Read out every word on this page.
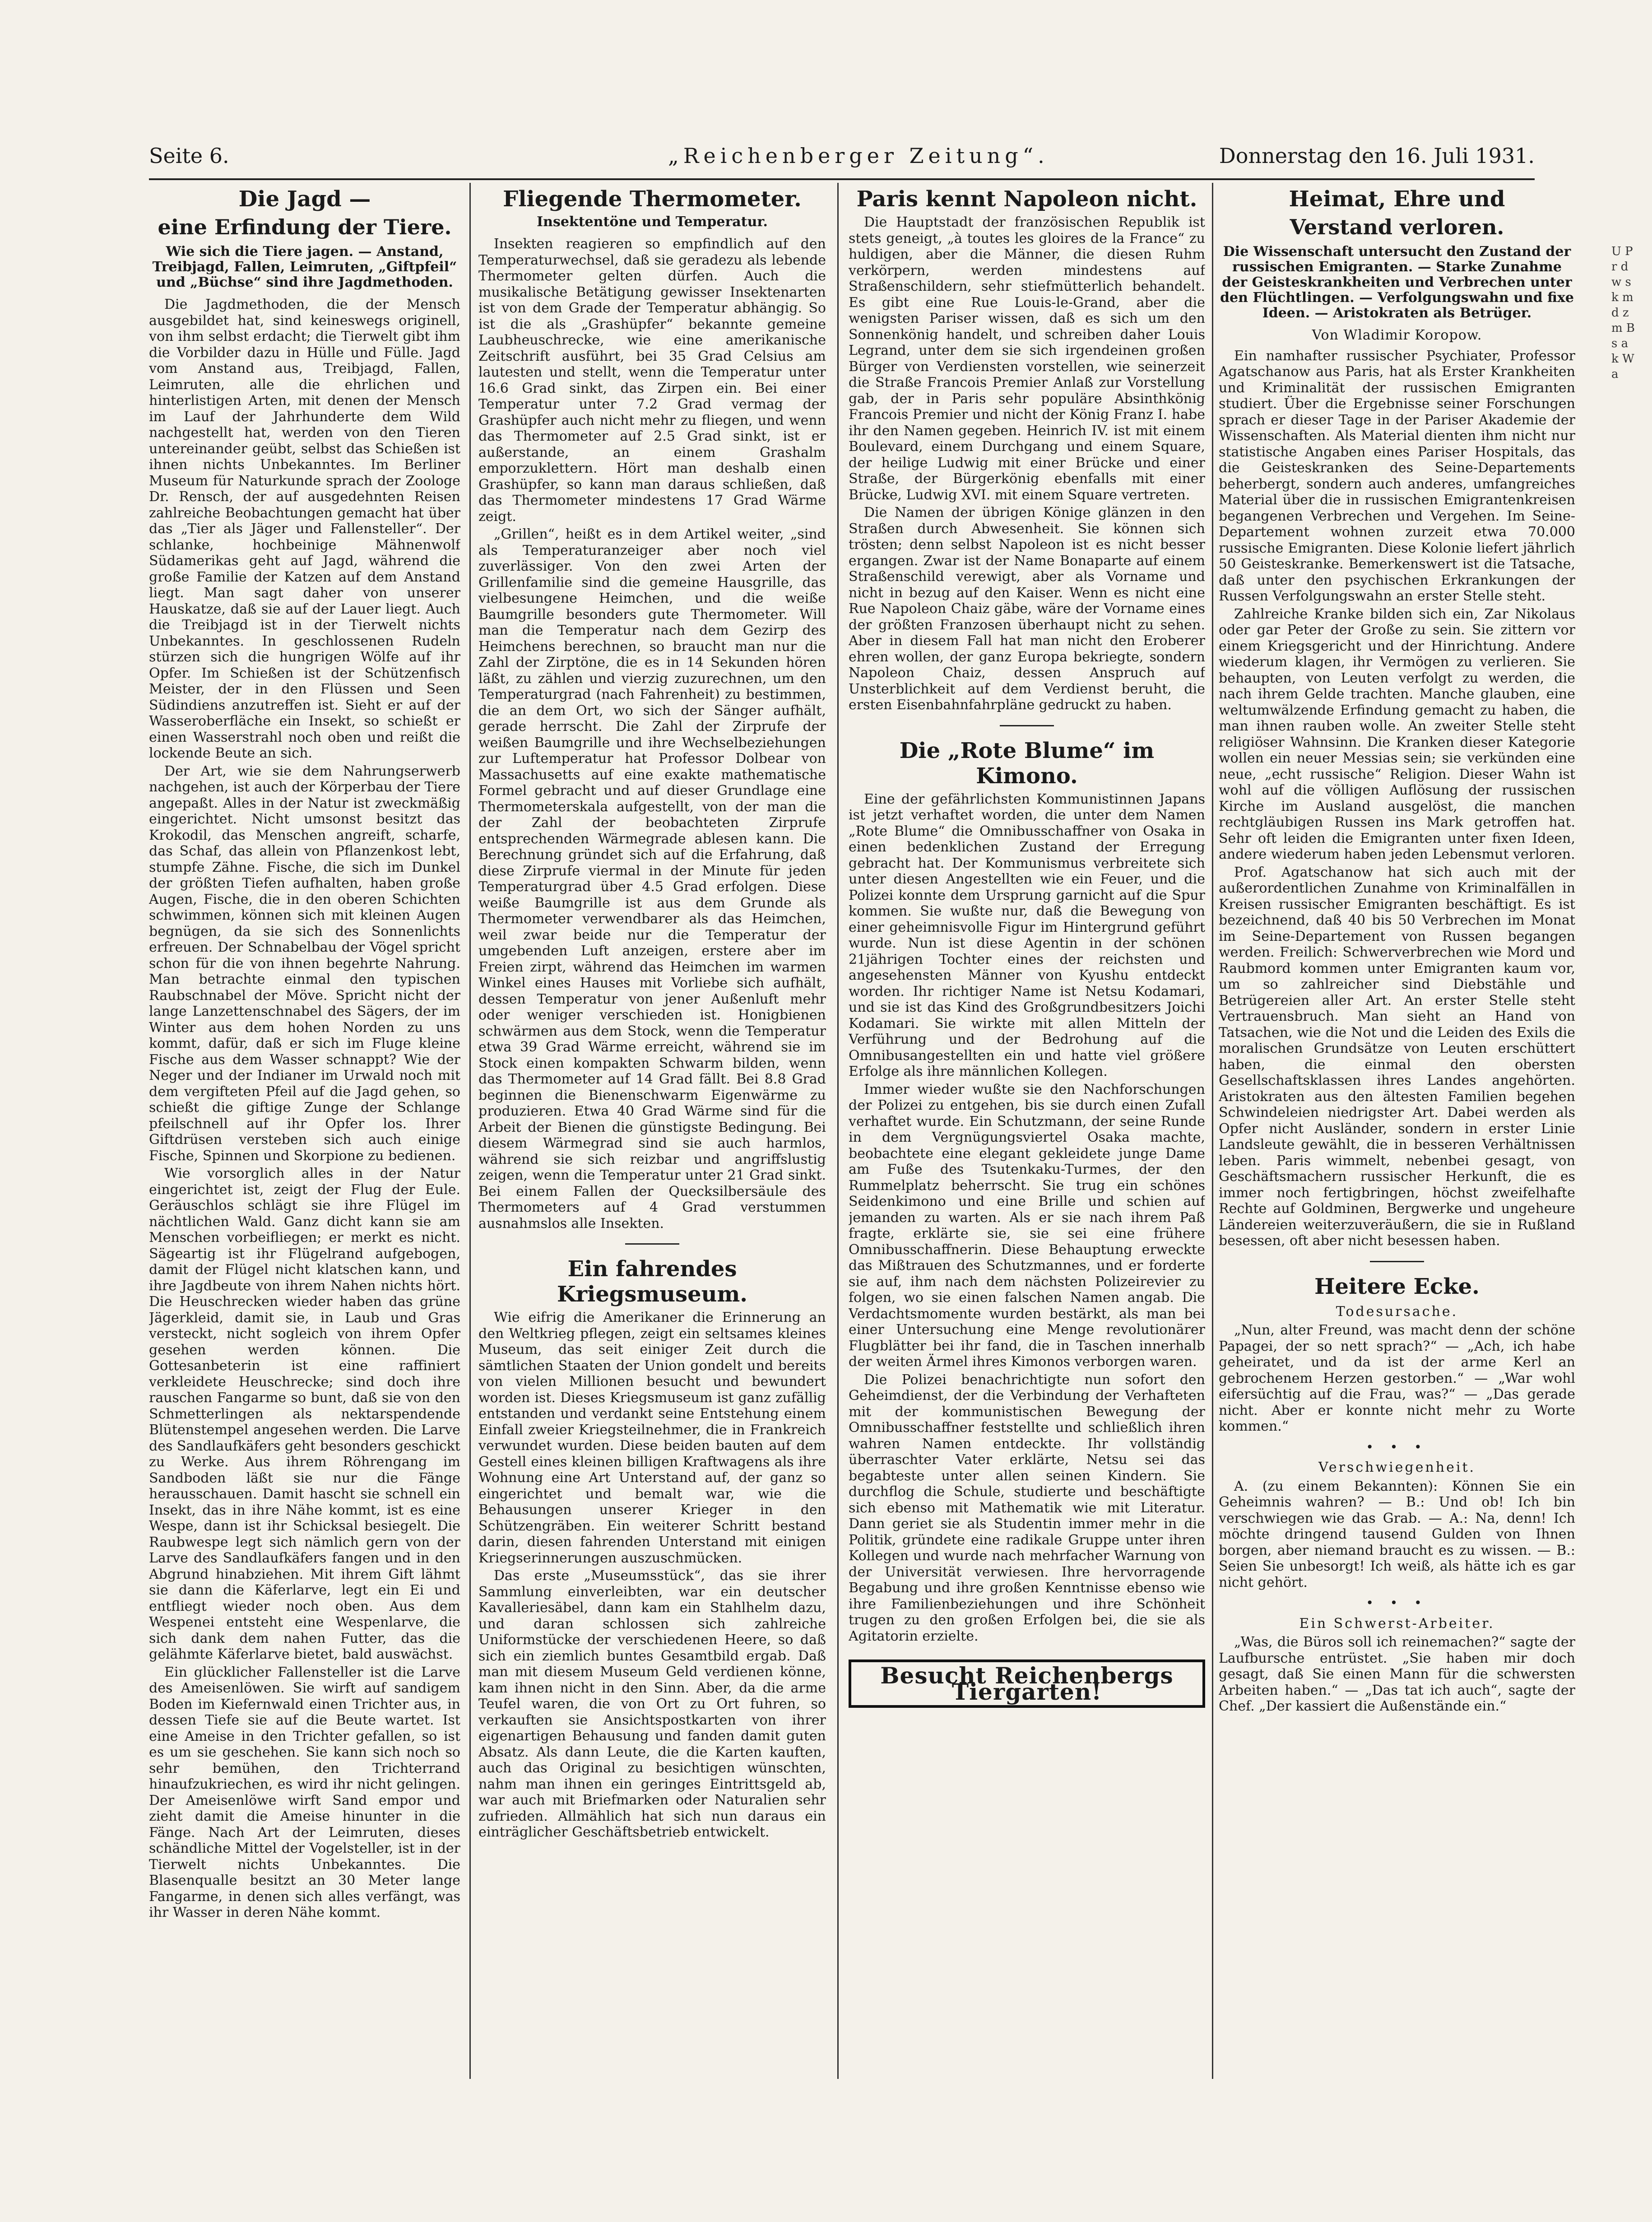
Seite 6.	„Reichenberger Zeitung“.	Donnerstag den 16. Juli 1931.
Die Jagd —
eine Erfindung der Tiere.
Wie sich die Tiere jagen. — Anstand, Treibjagd, Fallen, Leimruten, „Giftpfeil“ und „Büchse“ sind ihre Jagdmethoden.

Die Jagdmethoden, die der Mensch ausgebildet hat, sind keineswegs originell, von ihm selbst erdacht; die Tierwelt gibt ihm die Vorbilder dazu in Hülle und Fülle. Jagd vom Anstand aus, Treibjagd, Fallen, Leimruten, alle die ehrlichen und hinterlistigen Arten, mit denen der Mensch im Lauf der Jahrhunderte dem Wild nachgestellt hat, werden von den Tieren untereinander geübt, selbst das Schießen ist ihnen nichts Unbekanntes. Im Berliner Museum für Naturkunde sprach der Zoologe Dr. Rensch, der auf ausgedehnten Reisen zahlreiche Beobachtungen gemacht hat über das „Tier als Jäger und Fallensteller“. Der schlanke, hochbeinige Mähnenwolf Südamerikas geht auf Jagd, während die große Familie der Katzen auf dem Anstand liegt. Man sagt daher von unserer Hauskatze, daß sie auf der Lauer liegt. Auch die Treibjagd ist in der Tierwelt nichts Unbekanntes. In geschlossenen Rudeln stürzen sich die hungrigen Wölfe auf ihr Opfer. Im Schießen ist der Schützenfisch Meister, der in den Flüssen und Seen Südindiens anzutreffen ist. Sieht er auf der Wasseroberfläche ein Insekt, so schießt er einen Wasserstrahl noch oben und reißt die lockende Beute an sich.

Der Art, wie sie dem Nahrungserwerb nachgehen, ist auch der Körperbau der Tiere angepaßt. Alles in der Natur ist zweckmäßig eingerichtet. Nicht umsonst besitzt das Krokodil, das Menschen angreift, scharfe, das Schaf, das allein von Pflanzenkost lebt, stumpfe Zähne. Fische, die sich im Dunkel der größten Tiefen aufhalten, haben große Augen, Fische, die in den oberen Schichten schwimmen, können sich mit kleinen Augen begnügen, da sie sich des Sonnenlichts erfreuen. Der Schnabelbau der Vögel spricht schon für die von ihnen begehrte Nahrung. Man betrachte einmal den typischen Raubschnabel der Möve. Spricht nicht der lange Lanzettenschnabel des Sägers, der im Winter aus dem hohen Norden zu uns kommt, dafür, daß er sich im Fluge kleine Fische aus dem Wasser schnappt? Wie der Neger und der Indianer im Urwald noch mit dem vergifteten Pfeil auf die Jagd gehen, so schießt die giftige Zunge der Schlange pfeilschnell auf ihr Opfer los. Ihrer Giftdrüsen versteben sich auch einige Fische, Spinnen und Skorpione zu bedienen.

Wie vorsorglich alles in der Natur eingerichtet ist, zeigt der Flug der Eule. Geräuschlos schlägt sie ihre Flügel im nächtlichen Wald. Ganz dicht kann sie am Menschen vorbeifliegen; er merkt es nicht. Sägeartig ist ihr Flügelrand aufgebogen, damit der Flügel nicht klatschen kann, und ihre Jagdbeute von ihrem Nahen nichts hört. Die Heuschrecken wieder haben das grüne Jägerkleid, damit sie, in Laub und Gras versteckt, nicht sogleich von ihrem Opfer gesehen werden können. Die Gottesanbeterin ist eine raffiniert verkleidete Heuschrecke; sind doch ihre rauschen Fangarme so bunt, daß sie von den Schmetterlingen als nektarspendende Blütenstempel angesehen werden. Die Larve des Sandlaufkäfers geht besonders geschickt zu Werke. Aus ihrem Röhrengang im Sandboden läßt sie nur die Fänge herausschauen. Damit hascht sie schnell ein Insekt, das in ihre Nähe kommt, ist es eine Wespe, dann ist ihr Schicksal besiegelt. Die Raubwespe legt sich nämlich gern von der Larve des Sandlaufkäfers fangen und in den Abgrund hinabziehen. Mit ihrem Gift lähmt sie dann die Käferlarve, legt ein Ei und entfliegt wieder noch oben. Aus dem Wespenei entsteht eine Wespenlarve, die sich dank dem nahen Futter, das die gelähmte Käferlarve bietet, bald auswächst.

Ein glücklicher Fallensteller ist die Larve des Ameisenlöwen. Sie wirft auf sandigem Boden im Kiefernwald einen Trichter aus, in dessen Tiefe sie auf die Beute wartet. Ist eine Ameise in den Trichter gefallen, so ist es um sie geschehen. Sie kann sich noch so sehr bemühen, den Trichterrand hinaufzukriechen, es wird ihr nicht gelingen. Der Ameisenlöwe wirft Sand empor und zieht damit die Ameise hinunter in die Fänge. Nach Art der Leimruten, dieses schändliche Mittel der Vogelsteller, ist in der Tierwelt nichts Unbekanntes. Die Blasenqualle besitzt an 30 Meter lange Fangarme, in denen sich alles verfängt, was ihr Wasser in deren Nähe kommt.

Fliegende Thermometer.
Insektentöne und Temperatur.

Insekten reagieren so empfindlich auf den Temperaturwechsel, daß sie geradezu als lebende Thermometer gelten dürfen. Auch die musikalische Betätigung gewisser Insektenarten ist von dem Grade der Temperatur abhängig. So ist die als „Grashüpfer“ bekannte gemeine Laubheuschrecke, wie eine amerikanische Zeitschrift ausführt, bei 35 Grad Celsius am lautesten und stellt, wenn die Temperatur unter 16.6 Grad sinkt, das Zirpen ein. Bei einer Temperatur unter 7.2 Grad vermag der Grashüpfer auch nicht mehr zu fliegen, und wenn das Thermometer auf 2.5 Grad sinkt, ist er außerstande, an einem Grashalm emporzuklettern. Hört man deshalb einen Grashüpfer, so kann man daraus schließen, daß das Thermometer mindestens 17 Grad Wärme zeigt.

„Grillen“, heißt es in dem Artikel weiter, „sind als Temperaturanzeiger aber noch viel zuverlässiger. Von den zwei Arten der Grillenfamilie sind die gemeine Hausgrille, das vielbesungene Heimchen, und die weiße Baumgrille besonders gute Thermometer. Will man die Temperatur nach dem Gezirp des Heimchens berechnen, so braucht man nur die Zahl der Zirptöne, die es in 14 Sekunden hören läßt, zu zählen und vierzig zuzurechnen, um den Temperaturgrad (nach Fahrenheit) zu bestimmen, die an dem Ort, wo sich der Sänger aufhält, gerade herrscht. Die Zahl der Zirprufe der weißen Baumgrille und ihre Wechselbeziehungen zur Luftemperatur hat Professor Dolbear von Massachusetts auf eine exakte mathematische Formel gebracht und auf dieser Grundlage eine Thermometerskala aufgestellt, von der man die der Zahl der beobachteten Zirprufe entsprechenden Wärmegrade ablesen kann. Die Berechnung gründet sich auf die Erfahrung, daß diese Zirprufe viermal in der Minute für jeden Temperaturgrad über 4.5 Grad erfolgen. Diese weiße Baumgrille ist aus dem Grunde als Thermometer verwendbarer als das Heimchen, weil zwar beide nur die Temperatur der umgebenden Luft anzeigen, erstere aber im Freien zirpt, während das Heimchen im warmen Winkel eines Hauses mit Vorliebe sich aufhält, dessen Temperatur von jener Außenluft mehr oder weniger verschieden ist. Honigbienen schwärmen aus dem Stock, wenn die Temperatur etwa 39 Grad Wärme erreicht, während sie im Stock einen kompakten Schwarm bilden, wenn das Thermometer auf 14 Grad fällt. Bei 8.8 Grad beginnen die Bienenschwarm Eigenwärme zu produzieren. Etwa 40 Grad Wärme sind für die Arbeit der Bienen die günstigste Bedingung. Bei diesem Wärmegrad sind sie auch harmlos, während sie sich reizbar und angriffslustig zeigen, wenn die Temperatur unter 21 Grad sinkt. Bei einem Fallen der Quecksilbersäule des Thermometers auf 4 Grad verstummen ausnahmslos alle Insekten.

Ein fahrendes Kriegsmuseum.

Wie eifrig die Amerikaner die Erinnerung an den Weltkrieg pflegen, zeigt ein seltsames kleines Museum, das seit einiger Zeit durch die sämtlichen Staaten der Union gondelt und bereits von vielen Millionen besucht und bewundert worden ist. Dieses Kriegsmuseum ist ganz zufällig entstanden und verdankt seine Entstehung einem Einfall zweier Kriegsteilnehmer, die in Frankreich verwundet wurden. Diese beiden bauten auf dem Gestell eines kleinen billigen Kraftwagens als ihre Wohnung eine Art Unterstand auf, der ganz so eingerichtet und bemalt war, wie die Behausungen unserer Krieger in den Schützengräben. Ein weiterer Schritt bestand darin, diesen fahrenden Unterstand mit einigen Kriegserinnerungen auszuschmücken.

Das erste „Museumsstück“, das sie ihrer Sammlung einverleibten, war ein deutscher Kavalleriesäbel, dann kam ein Stahlhelm dazu, und daran schlossen sich zahlreiche Uniformstücke der verschiedenen Heere, so daß sich ein ziemlich buntes Gesamtbild ergab. Daß man mit diesem Museum Geld verdienen könne, kam ihnen nicht in den Sinn. Aber, da die arme Teufel waren, die von Ort zu Ort fuhren, so verkauften sie Ansichtspostkarten von ihrer eigenartigen Behausung und fanden damit guten Absatz. Als dann Leute, die die Karten kauften, auch das Original zu besichtigen wünschten, nahm man ihnen ein geringes Eintrittsgeld ab, war auch mit Briefmarken oder Naturalien sehr zufrieden. Allmählich hat sich nun daraus ein einträglicher Geschäftsbetrieb entwickelt.

Paris kennt Napoleon nicht.

Die Hauptstadt der französischen Republik ist stets geneigt, „à toutes les gloires de la France“ zu huldigen, aber die Männer, die diesen Ruhm verkörpern, werden mindestens auf Straßenschildern, sehr stiefmütterlich behandelt. Es gibt eine Rue Louis-le-Grand, aber die wenigsten Pariser wissen, daß es sich um den Sonnenkönig handelt, und schreiben daher Louis Legrand, unter dem sie sich irgendeinen großen Bürger von Verdiensten vorstellen, wie seinerzeit die Straße Francois Premier Anlaß zur Vorstellung gab, der in Paris sehr populäre Absinthkönig Francois Premier und nicht der König Franz I. habe ihr den Namen gegeben. Heinrich IV. ist mit einem Boulevard, einem Durchgang und einem Square, der heilige Ludwig mit einer Brücke und einer Straße, der Bürgerkönig ebenfalls mit einer Brücke, Ludwig XVI. mit einem Square vertreten.

Die Namen der übrigen Könige glänzen in den Straßen durch Abwesenheit. Sie können sich trösten; denn selbst Napoleon ist es nicht besser ergangen. Zwar ist der Name Bonaparte auf einem Straßenschild verewigt, aber als Vorname und nicht in bezug auf den Kaiser. Wenn es nicht eine Rue Napoleon Chaiz gäbe, wäre der Vorname eines der größten Franzosen überhaupt nicht zu sehen. Aber in diesem Fall hat man nicht den Eroberer ehren wollen, der ganz Europa bekriegte, sondern Napoleon Chaiz, dessen Anspruch auf Unsterblichkeit auf dem Verdienst beruht, die ersten Eisenbahnfahrpläne gedruckt zu haben.

Die „Rote Blume“ im Kimono.

Eine der gefährlichsten Kommunistinnen Japans ist jetzt verhaftet worden, die unter dem Namen „Rote Blume“ die Omnibusschaffner von Osaka in einen bedenklichen Zustand der Erregung gebracht hat. Der Kommunismus verbreitete sich unter diesen Angestellten wie ein Feuer, und die Polizei konnte dem Ursprung garnicht auf die Spur kommen. Sie wußte nur, daß die Bewegung von einer geheimnisvolle Figur im Hintergrund geführt wurde. Nun ist diese Agentin in der schönen 21jährigen Tochter eines der reichsten und angesehensten Männer von Kyushu entdeckt worden. Ihr richtiger Name ist Netsu Kodamari, und sie ist das Kind des Großgrundbesitzers Joichi Kodamari. Sie wirkte mit allen Mitteln der Verführung und der Bedrohung auf die Omnibusangestellten ein und hatte viel größere Erfolge als ihre männlichen Kollegen.

Immer wieder wußte sie den Nachforschungen der Polizei zu entgehen, bis sie durch einen Zufall verhaftet wurde. Ein Schutzmann, der seine Runde in dem Vergnügungsviertel Osaka machte, beobachtete eine elegant gekleidete junge Dame am Fuße des Tsutenkaku-Turmes, der den Rummelplatz beherrscht. Sie trug ein schönes Seidenkimono und eine Brille und schien auf jemanden zu warten. Als er sie nach ihrem Paß fragte, erklärte sie, sie sei eine frühere Omnibusschaffnerin. Diese Behauptung erweckte das Mißtrauen des Schutzmannes, und er forderte sie auf, ihm nach dem nächsten Polizeirevier zu folgen, wo sie einen falschen Namen angab. Die Verdachtsmomente wurden bestärkt, als man bei einer Untersuchung eine Menge revolutionärer Flugblätter bei ihr fand, die in Taschen innerhalb der weiten Ärmel ihres Kimonos verborgen waren.

Die Polizei benachrichtigte nun sofort den Geheimdienst, der die Verbindung der Verhafteten mit der kommunistischen Bewegung der Omnibusschaffner feststellte und schließlich ihren wahren Namen entdeckte. Ihr vollständig überraschter Vater erklärte, Netsu sei das begabteste unter allen seinen Kindern. Sie durchflog die Schule, studierte und beschäftigte sich ebenso mit Mathematik wie mit Literatur. Dann geriet sie als Studentin immer mehr in die Politik, gründete eine radikale Gruppe unter ihren Kollegen und wurde nach mehrfacher Warnung von der Universität verwiesen. Ihre hervorragende Begabung und ihre großen Kenntnisse ebenso wie ihre Familienbeziehungen und ihre Schönheit trugen zu den großen Erfolgen bei, die sie als Agitatorin erzielte.

Besucht Reichenbergs Tiergarten!
Heimat, Ehre und
Verstand verloren.
Die Wissenschaft untersucht den Zustand der russischen Emigranten. — Starke Zunahme der Geisteskrankheiten und Verbrechen unter den Flüchtlingen. — Verfolgungswahn und fixe Ideen. — Aristokraten als Betrüger.
Von Wladimir Koropow.

Ein namhafter russischer Psychiater, Professor Agatschanow aus Paris, hat als Erster Krankheiten und Kriminalität der russischen Emigranten studiert. Über die Ergebnisse seiner Forschungen sprach er dieser Tage in der Pariser Akademie der Wissenschaften. Als Material dienten ihm nicht nur statistische Angaben eines Pariser Hospitals, das die Geisteskranken des Seine-Departements beherbergt, sondern auch anderes, umfangreiches Material über die in russischen Emigrantenkreisen begangenen Verbrechen und Vergehen. Im Seine-Departement wohnen zurzeit etwa 70.000 russische Emigranten. Diese Kolonie liefert jährlich 50 Geisteskranke. Bemerkenswert ist die Tatsache, daß unter den psychischen Erkrankungen der Russen Verfolgungswahn an erster Stelle steht.

Zahlreiche Kranke bilden sich ein, Zar Nikolaus oder gar Peter der Große zu sein. Sie zittern vor einem Kriegsgericht und der Hinrichtung. Andere wiederum klagen, ihr Vermögen zu verlieren. Sie behaupten, von Leuten verfolgt zu werden, die nach ihrem Gelde trachten. Manche glauben, eine weltumwälzende Erfindung gemacht zu haben, die man ihnen rauben wolle. An zweiter Stelle steht religiöser Wahnsinn. Die Kranken dieser Kategorie wollen ein neuer Messias sein; sie verkünden eine neue, „echt russische“ Religion. Dieser Wahn ist wohl auf die völligen Auflösung der russischen Kirche im Ausland ausgelöst, die manchen rechtgläubigen Russen ins Mark getroffen hat. Sehr oft leiden die Emigranten unter fixen Ideen, andere wiederum haben jeden Lebensmut verloren.

Prof. Agatschanow hat sich auch mit der außerordentlichen Zunahme von Kriminalfällen in Kreisen russischer Emigranten beschäftigt. Es ist bezeichnend, daß 40 bis 50 Verbrechen im Monat im Seine-Departement von Russen begangen werden. Freilich: Schwerverbrechen wie Mord und Raubmord kommen unter Emigranten kaum vor, um so zahlreicher sind Diebstähle und Betrügereien aller Art. An erster Stelle steht Vertrauensbruch. Man sieht an Hand von Tatsachen, wie die Not und die Leiden des Exils die moralischen Grundsätze von Leuten erschüttert haben, die einmal den obersten Gesellschaftsklassen ihres Landes angehörten. Aristokraten aus den ältesten Familien begehen Schwindeleien niedrigster Art. Dabei werden als Opfer nicht Ausländer, sondern in erster Linie Landsleute gewählt, die in besseren Verhältnissen leben. Paris wimmelt, nebenbei gesagt, von Geschäftsmachern russischer Herkunft, die es immer noch fertigbringen, höchst zweifelhafte Rechte auf Goldminen, Bergwerke und ungeheure Ländereien weiterzuveräußern, die sie in Rußland besessen, oft aber nicht besessen haben.

Heitere Ecke.
Todesursache.

„Nun, alter Freund, was macht denn der schöne Papagei, der so nett sprach?“ — „Ach, ich habe geheiratet, und da ist der arme Kerl an gebrochenem Herzen gestorben.“ — „War wohl eifersüchtig auf die Frau, was?“ — „Das gerade nicht. Aber er konnte nicht mehr zu Worte kommen.“

• • •
Verschwiegenheit.

A. (zu einem Bekannten): Können Sie ein Geheimnis wahren? — B.: Und ob! Ich bin verschwiegen wie das Grab. — A.: Na, denn! Ich möchte dringend tausend Gulden von Ihnen borgen, aber niemand braucht es zu wissen. — B.: Seien Sie unbesorgt! Ich weiß, als hätte ich es gar nicht gehört.

• • •
Ein Schwerst-Arbeiter.

„Was, die Büros soll ich reinemachen?“ sagte der Laufbursche entrüstet. „Sie haben mir doch gesagt, daß Sie einen Mann für die schwersten Arbeiten haben.“ — „Das tat ich auch“, sagte der Chef. „Der kassiert die Außenstände ein.“

U P r d w s k m d z m B s a k W a
